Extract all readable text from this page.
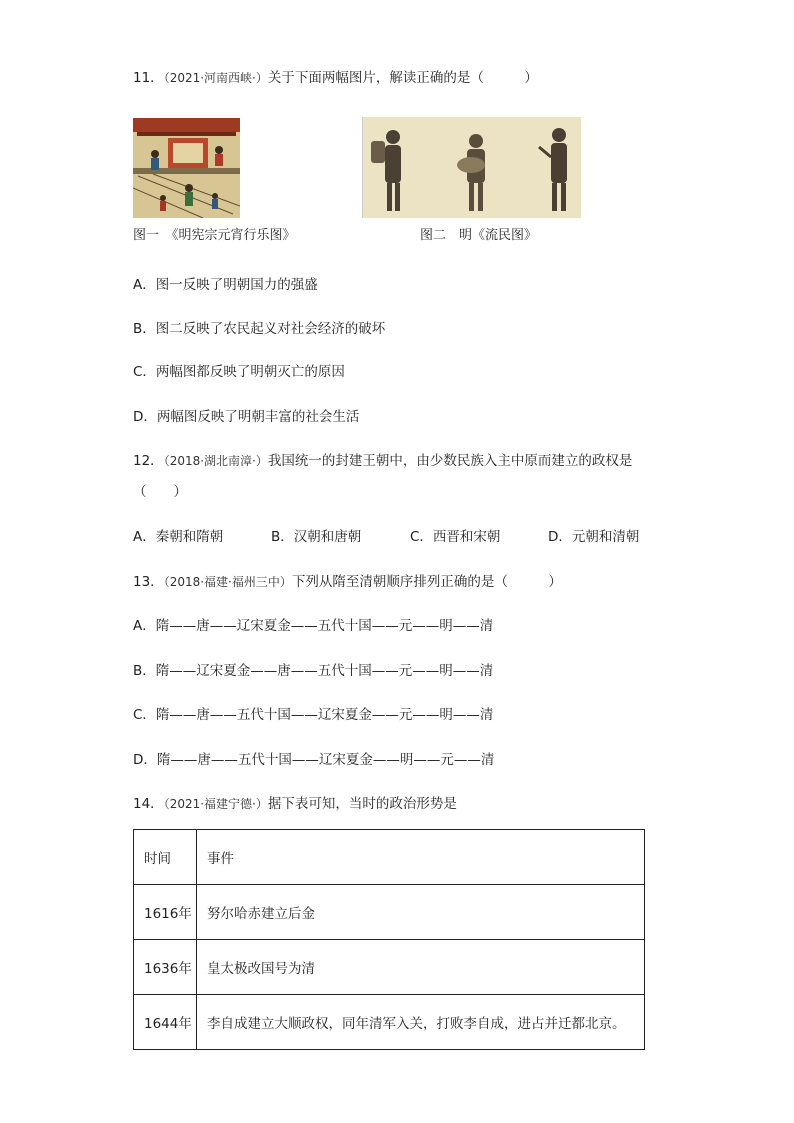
11．（2021·河南西峡·）关于下面两幅图片，解读正确的是（　　　）
图一　《明宪宗元宵行乐图》	图二　明《流民图》
A．图一反映了明朝国力的强盛
B．图二反映了农民起义对社会经济的破坏
C．两幅图都反映了明朝灭亡的原因
D．两幅图反映了明朝丰富的社会生活
12．（2018·湖北南漳·）我国统一的封建王朝中，由少数民族入主中原而建立的政权是
（　　）
A．秦朝和隋朝	B．汉朝和唐朝	C．西晋和宋朝	D．元朝和清朝
13．（2018·福建·福州三中）下列从隋至清朝顺序排列正确的是（　　　）
A．隋——唐——辽宋夏金——五代十国——元——明——清
B．隋——辽宋夏金——唐——五代十国——元——明——清
C．隋——唐——五代十国——辽宋夏金——元——明——清
D．隋——唐——五代十国——辽宋夏金——明——元——清
14．（2021·福建宁德·）据下表可知，当时的政治形势是
时间	事件
1616年	努尔哈赤建立后金
1636年	皇太极改国号为清
1644年	李自成建立大顺政权，同年清军入关，打败李自成，进占并迁都北京。
